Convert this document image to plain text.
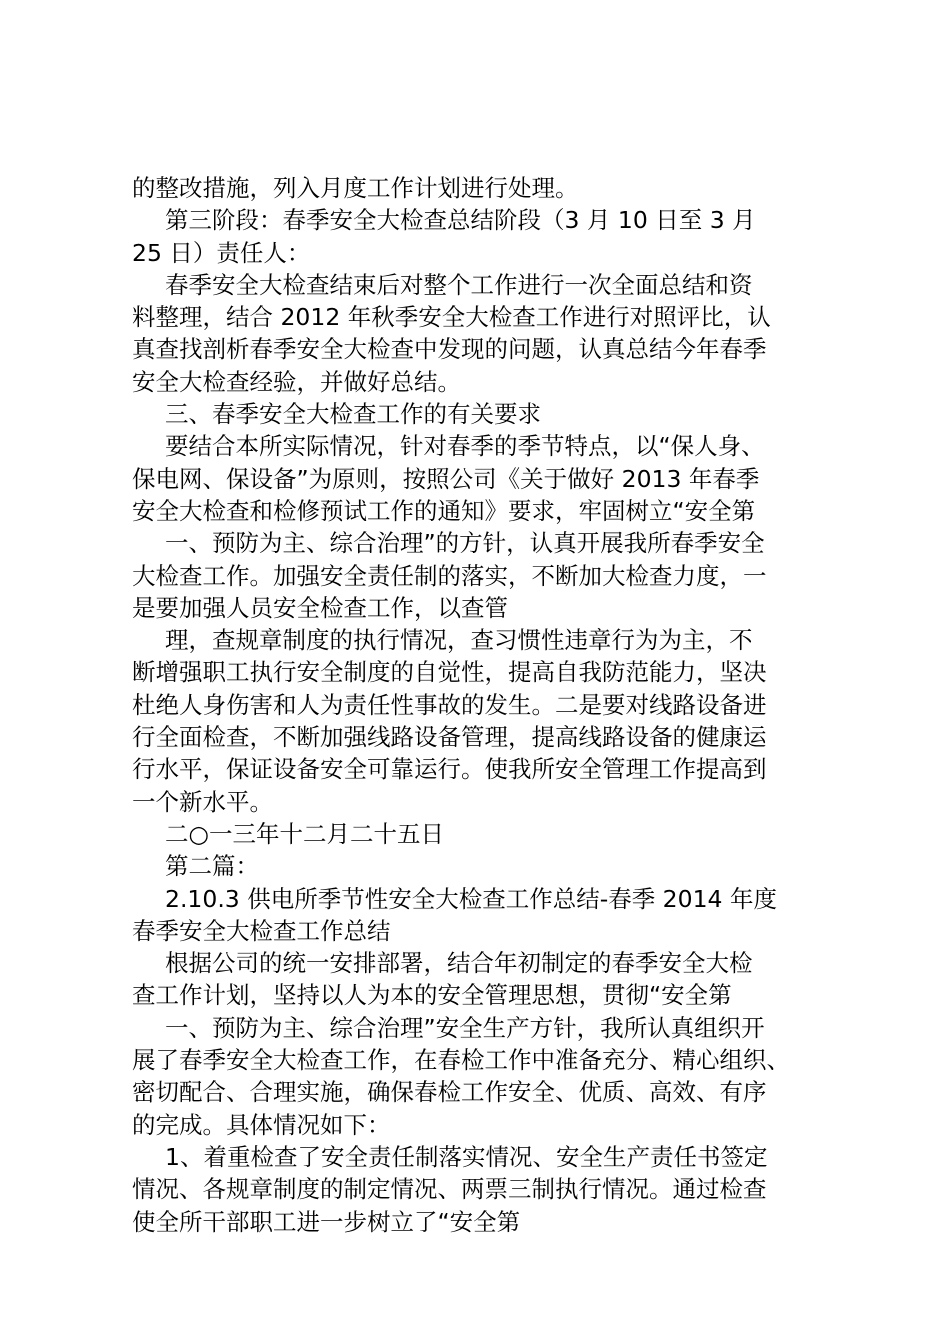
的整改措施，列入月度工作计划进行处理。
第三阶段：春季安全大检查总结阶段（3 月 10 日至 3 月
25 日）责任人：
春季安全大检查结束后对整个工作进行一次全面总结和资
料整理，结合 2012 年秋季安全大检查工作进行对照评比，认
真查找剖析春季安全大检查中发现的问题，认真总结今年春季
安全大检查经验，并做好总结。
三、春季安全大检查工作的有关要求
要结合本所实际情况，针对春季的季节特点，以“保人身、
保电网、保设备”为原则，按照公司《关于做好 2013 年春季
安全大检查和检修预试工作的通知》要求，牢固树立“安全第
一、预防为主、综合治理”的方针，认真开展我所春季安全
大检查工作。加强安全责任制的落实，不断加大检查力度，一
是要加强人员安全检查工作，以查管
理，查规章制度的执行情况，查习惯性违章行为为主，不
断增强职工执行安全制度的自觉性，提高自我防范能力，坚决
杜绝人身伤害和人为责任性事故的发生。二是要对线路设备进
行全面检查，不断加强线路设备管理，提高线路设备的健康运
行水平，保证设备安全可靠运行。使我所安全管理工作提高到
一个新水平。
二○一三年十二月二十五日
第二篇：
2.10.3 供电所季节性安全大检查工作总结-春季 2014 年度
春季安全大检查工作总结
根据公司的统一安排部署，结合年初制定的春季安全大检
查工作计划，坚持以人为本的安全管理思想，贯彻“安全第
一、预防为主、综合治理”安全生产方针，我所认真组织开
展了春季安全大检查工作，在春检工作中准备充分、精心组织、
密切配合、合理实施，确保春检工作安全、优质、高效、有序
的完成。具体情况如下：
1、着重检查了安全责任制落实情况、安全生产责任书签定
情况、各规章制度的制定情况、两票三制执行情况。通过检查
使全所干部职工进一步树立了“安全第
